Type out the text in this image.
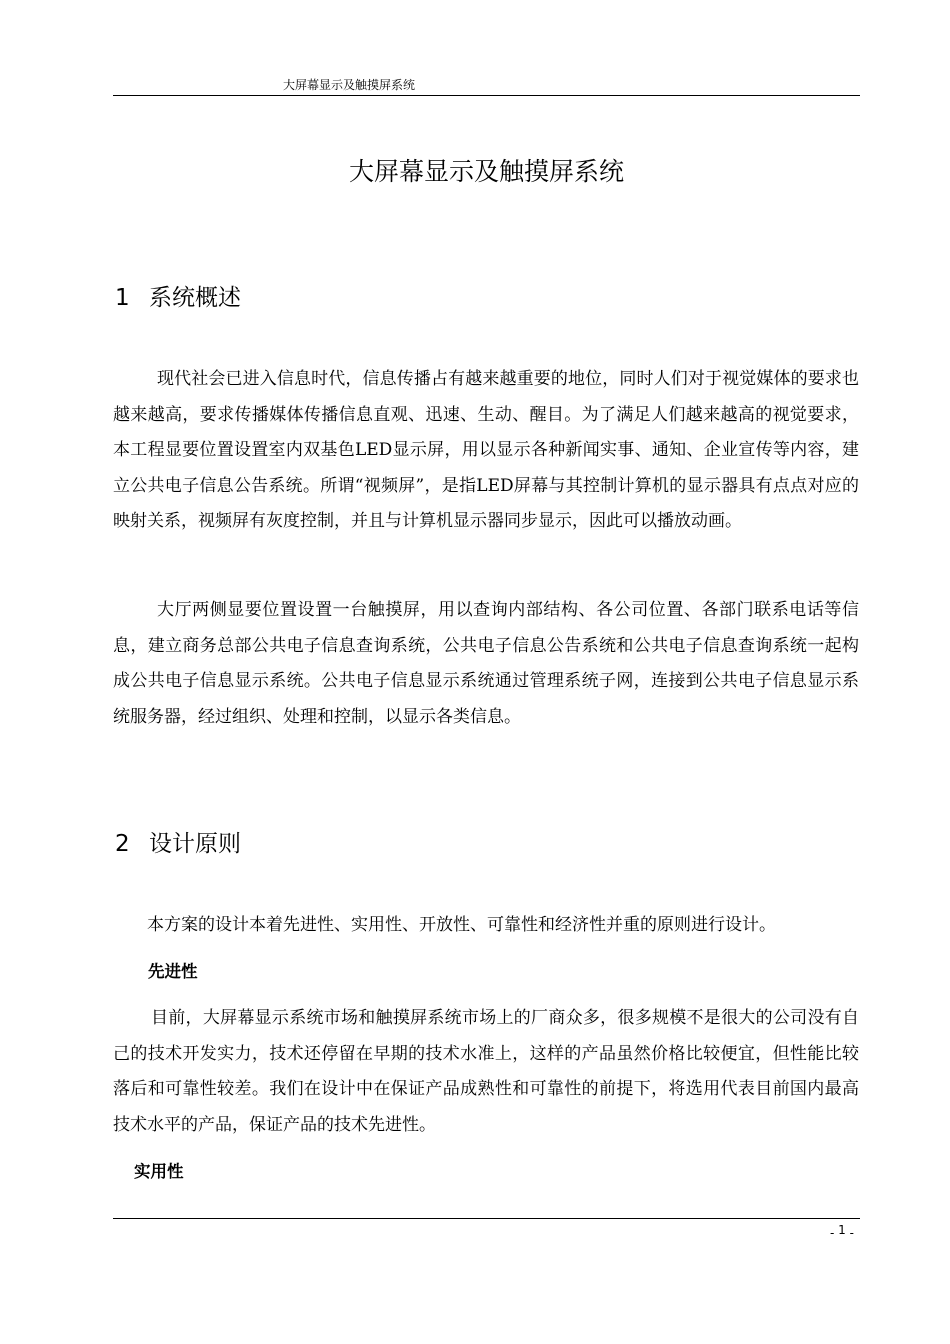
大屏幕显示及触摸屏系统
大屏幕显示及触摸屏系统
1 系统概述

现代社会已进入信息时代，信息传播占有越来越重要的地位，同时人们对于视觉媒体的要求也越来越高，要求传播媒体传播信息直观、迅速、生动、醒目。为了满足人们越来越高的视觉要求，本工程显要位置设置室内双基色LED显示屏，用以显示各种新闻实事、通知、企业宣传等内容，建立公共电子信息公告系统。所谓“视频屏”，是指LED屏幕与其控制计算机的显示器具有点点对应的映射关系，视频屏有灰度控制，并且与计算机显示器同步显示，因此可以播放动画。

大厅两侧显要位置设置一台触摸屏，用以查询内部结构、各公司位置、各部门联系电话等信息，建立商务总部公共电子信息查询系统，公共电子信息公告系统和公共电子信息查询系统一起构成公共电子信息显示系统。公共电子信息显示系统通过管理系统子网，连接到公共电子信息显示系统服务器，经过组织、处理和控制，以显示各类信息。

2 设计原则

本方案的设计本着先进性、实用性、开放性、可靠性和经济性并重的原则进行设计。

先进性

目前，大屏幕显示系统市场和触摸屏系统市场上的厂商众多，很多规模不是很大的公司没有自己的技术开发实力，技术还停留在早期的技术水准上，这样的产品虽然价格比较便宜，但性能比较落后和可靠性较差。我们在设计中在保证产品成熟性和可靠性的前提下，将选用代表目前国内最高技术水平的产品，保证产品的技术先进性。

实用性
- 1 -
